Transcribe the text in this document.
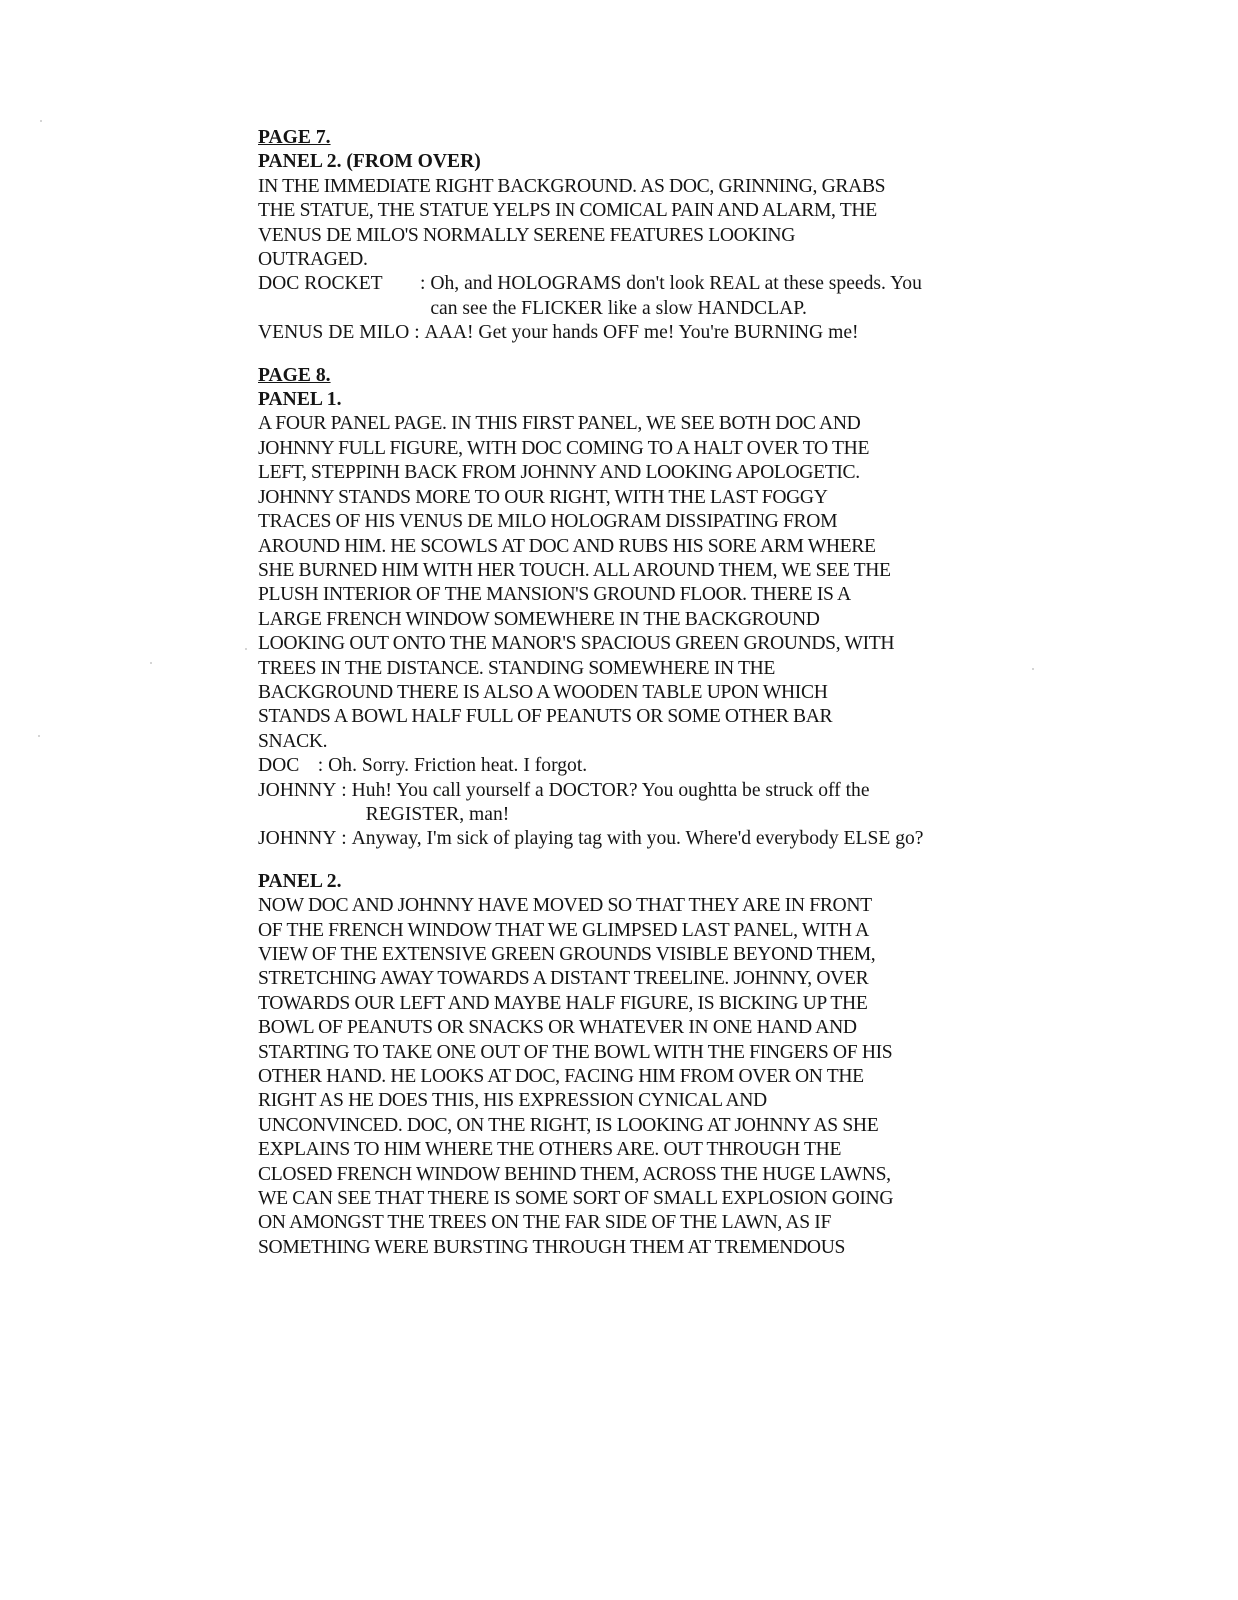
PAGE 7.
PANEL 2. (FROM OVER)
IN THE IMMEDIATE RIGHT BACKGROUND. AS DOC, GRINNING, GRABS
THE STATUE, THE STATUE YELPS IN COMICAL PAIN AND ALARM, THE
VENUS DE MILO'S NORMALLY SERENE FEATURES LOOKING
OUTRAGED.
DOC ROCKET	: Oh, and HOLOGRAMS don't look REAL at these speeds. You
can see the FLICKER like a slow HANDCLAP.
VENUS DE MILO : AAA! Get your hands OFF me! You're BURNING me!
PAGE 8.
PANEL 1.
A FOUR PANEL PAGE. IN THIS FIRST PANEL, WE SEE BOTH DOC AND
JOHNNY FULL FIGURE, WITH DOC COMING TO A HALT OVER TO THE
LEFT, STEPPINH BACK FROM JOHNNY AND LOOKING APOLOGETIC.
JOHNNY STANDS MORE TO OUR RIGHT, WITH THE LAST FOGGY
TRACES OF HIS VENUS DE MILO HOLOGRAM DISSIPATING FROM
AROUND HIM. HE SCOWLS AT DOC AND RUBS HIS SORE ARM WHERE
SHE BURNED HIM WITH HER TOUCH. ALL AROUND THEM, WE SEE THE
PLUSH INTERIOR OF THE MANSION'S GROUND FLOOR. THERE IS A
LARGE FRENCH WINDOW SOMEWHERE IN THE BACKGROUND
LOOKING OUT ONTO THE MANOR'S SPACIOUS GREEN GROUNDS, WITH
TREES IN THE DISTANCE. STANDING SOMEWHERE IN THE
BACKGROUND THERE IS ALSO A WOODEN TABLE UPON WHICH
STANDS A BOWL HALF FULL OF PEANUTS OR SOME OTHER BAR
SNACK.
DOC : Oh. Sorry. Friction heat. I forgot.
JOHNNY : Huh! You call yourself a DOCTOR? You oughtta be struck off the
REGISTER, man!
JOHNNY : Anyway, I'm sick of playing tag with you. Where'd everybody ELSE go?
PANEL 2.
NOW DOC AND JOHNNY HAVE MOVED SO THAT THEY ARE IN FRONT
OF THE FRENCH WINDOW THAT WE GLIMPSED LAST PANEL, WITH A
VIEW OF THE EXTENSIVE GREEN GROUNDS VISIBLE BEYOND THEM,
STRETCHING AWAY TOWARDS A DISTANT TREELINE. JOHNNY, OVER
TOWARDS OUR LEFT AND MAYBE HALF FIGURE, IS BICKING UP THE
BOWL OF PEANUTS OR SNACKS OR WHATEVER IN ONE HAND AND
STARTING TO TAKE ONE OUT OF THE BOWL WITH THE FINGERS OF HIS
OTHER HAND. HE LOOKS AT DOC, FACING HIM FROM OVER ON THE
RIGHT AS HE DOES THIS, HIS EXPRESSION CYNICAL AND
UNCONVINCED. DOC, ON THE RIGHT, IS LOOKING AT JOHNNY AS SHE
EXPLAINS TO HIM WHERE THE OTHERS ARE. OUT THROUGH THE
CLOSED FRENCH WINDOW BEHIND THEM, ACROSS THE HUGE LAWNS,
WE CAN SEE THAT THERE IS SOME SORT OF SMALL EXPLOSION GOING
ON AMONGST THE TREES ON THE FAR SIDE OF THE LAWN, AS IF
SOMETHING WERE BURSTING THROUGH THEM AT TREMENDOUS
